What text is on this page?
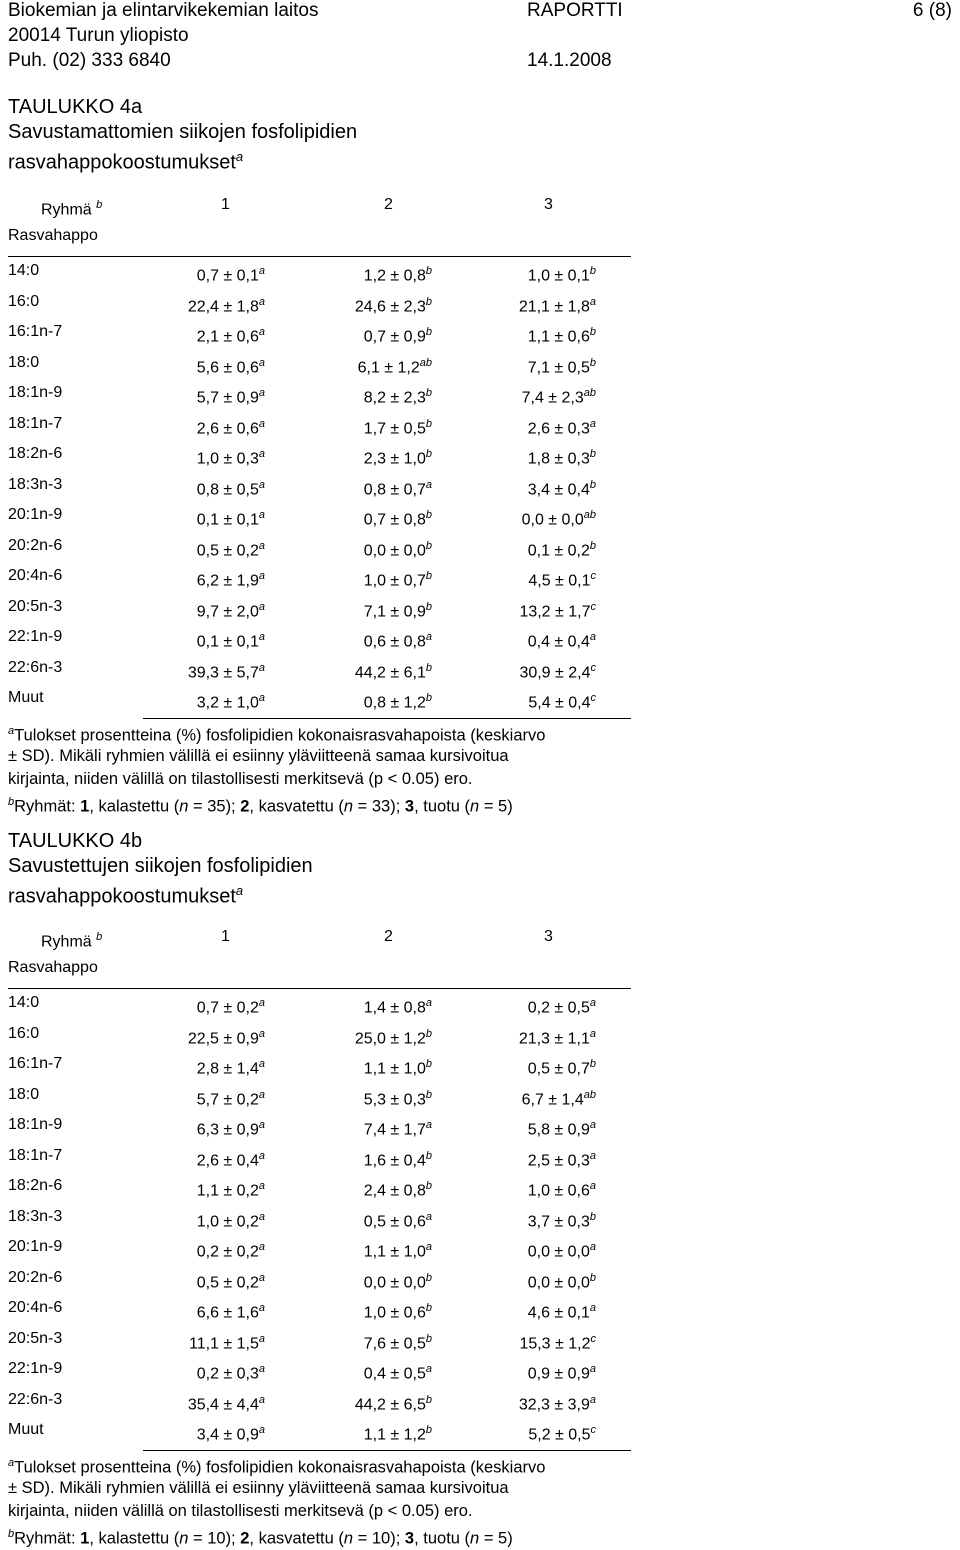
Biokemian ja elintarvikekemian laitos
20014 Turun yliopisto
Puh. (02) 333 6840
RAPORTTI
14.1.2008
6 (8)
TAULUKKO 4a
Savustamattomien siikojen fosfolipidien
rasvahappokoostumukset$^a$
Ryhmä $^b$	1	2	3
Rasvahappo
14:0	0,7 ± 0,1$^a$	1,2 ± 0,8$^b$	1,0 ± 0,1$^b$
16:0	22,4 ± 1,8$^a$	24,6 ± 2,3$^b$	21,1 ± 1,8$^a$
16:1n-7	2,1 ± 0,6$^a$	0,7 ± 0,9$^b$	1,1 ± 0,6$^b$
18:0	5,6 ± 0,6$^a$	6,1 ± 1,2$^{ab}$	7,1 ± 0,5$^b$
18:1n-9	5,7 ± 0,9$^a$	8,2 ± 2,3$^b$	7,4 ± 2,3$^{ab}$
18:1n-7	2,6 ± 0,6$^a$	1,7 ± 0,5$^b$	2,6 ± 0,3$^a$
18:2n-6	1,0 ± 0,3$^a$	2,3 ± 1,0$^b$	1,8 ± 0,3$^b$
18:3n-3	0,8 ± 0,5$^a$	0,8 ± 0,7$^a$	3,4 ± 0,4$^b$
20:1n-9	0,1 ± 0,1$^a$	0,7 ± 0,8$^b$	0,0 ± 0,0$^{ab}$
20:2n-6	0,5 ± 0,2$^a$	0,0 ± 0,0$^b$	0,1 ± 0,2$^b$
20:4n-6	6,2 ± 1,9$^a$	1,0 ± 0,7$^b$	4,5 ± 0,1$^c$
20:5n-3	9,7 ± 2,0$^a$	7,1 ± 0,9$^b$	13,2 ± 1,7$^c$
22:1n-9	0,1 ± 0,1$^a$	0,6 ± 0,8$^a$	0,4 ± 0,4$^a$
22:6n-3	39,3 ± 5,7$^a$	44,2 ± 6,1$^b$	30,9 ± 2,4$^c$
Muut	3,2 ± 1,0$^a$	0,8 ± 1,2$^b$	5,4 ± 0,4$^c$
$^a$Tulokset prosentteina (%) fosfolipidien kokonaisrasvahapoista (keskiarvo
± SD). Mikäli ryhmien välillä ei esiinny yläviitteenä samaa kursivoitua
kirjainta, niiden välillä on tilastollisesti merkitsevä (p < 0.05) ero.
$^b$Ryhmät: 1, kalastettu (n = 35); 2, kasvatettu (n = 33); 3, tuotu (n = 5)
TAULUKKO 4b
Savustettujen siikojen fosfolipidien
rasvahappokoostumukset$^a$
Ryhmä $^b$	1	2	3
Rasvahappo
14:0	0,7 ± 0,2$^a$	1,4 ± 0,8$^a$	0,2 ± 0,5$^a$
16:0	22,5 ± 0,9$^a$	25,0 ± 1,2$^b$	21,3 ± 1,1$^a$
16:1n-7	2,8 ± 1,4$^a$	1,1 ± 1,0$^b$	0,5 ± 0,7$^b$
18:0	5,7 ± 0,2$^a$	5,3 ± 0,3$^b$	6,7 ± 1,4$^{ab}$
18:1n-9	6,3 ± 0,9$^a$	7,4 ± 1,7$^a$	5,8 ± 0,9$^a$
18:1n-7	2,6 ± 0,4$^a$	1,6 ± 0,4$^b$	2,5 ± 0,3$^a$
18:2n-6	1,1 ± 0,2$^a$	2,4 ± 0,8$^b$	1,0 ± 0,6$^a$
18:3n-3	1,0 ± 0,2$^a$	0,5 ± 0,6$^a$	3,7 ± 0,3$^b$
20:1n-9	0,2 ± 0,2$^a$	1,1 ± 1,0$^a$	0,0 ± 0,0$^a$
20:2n-6	0,5 ± 0,2$^a$	0,0 ± 0,0$^b$	0,0 ± 0,0$^b$
20:4n-6	6,6 ± 1,6$^a$	1,0 ± 0,6$^b$	4,6 ± 0,1$^a$
20:5n-3	11,1 ± 1,5$^a$	7,6 ± 0,5$^b$	15,3 ± 1,2$^c$
22:1n-9	0,2 ± 0,3$^a$	0,4 ± 0,5$^a$	0,9 ± 0,9$^a$
22:6n-3	35,4 ± 4,4$^a$	44,2 ± 6,5$^b$	32,3 ± 3,9$^a$
Muut	3,4 ± 0,9$^a$	1,1 ± 1,2$^b$	5,2 ± 0,5$^c$
$^a$Tulokset prosentteina (%) fosfolipidien kokonaisrasvahapoista (keskiarvo
± SD). Mikäli ryhmien välillä ei esiinny yläviitteenä samaa kursivoitua
kirjainta, niiden välillä on tilastollisesti merkitsevä (p < 0.05) ero.
$^b$Ryhmät: 1, kalastettu (n = 10); 2, kasvatettu (n = 10); 3, tuotu (n = 5)
